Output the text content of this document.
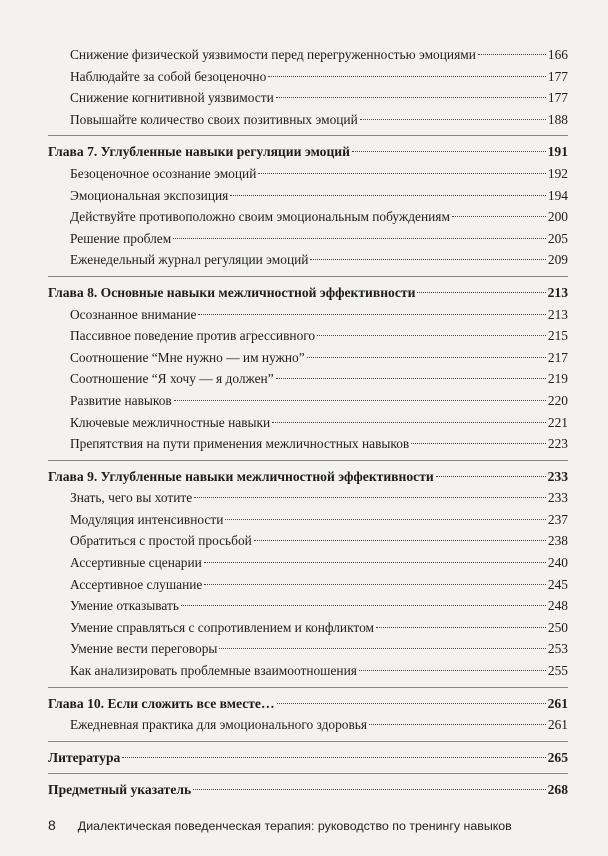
Снижение физической уязвимости перед перегруженностью эмоциями	166
Наблюдайте за собой безоценочно	177
Снижение когнитивной уязвимости	177
Повышайте количество своих позитивных эмоций	188
Глава 7. Углубленные навыки регуляции эмоций	191
Безоценочное осознание эмоций	192
Эмоциональная экспозиция	194
Действуйте противоположно своим эмоциональным побуждениям	200
Решение проблем	205
Еженедельный журнал регуляции эмоций	209
Глава 8. Основные навыки межличностной эффективности	213
Осознанное внимание	213
Пассивное поведение против агрессивного	215
Соотношение “Мне нужно — им нужно”	217
Соотношение “Я хочу — я должен”	219
Развитие навыков	220
Ключевые межличностные навыки	221
Препятствия на пути применения межличностных навыков	223
Глава 9. Углубленные навыки межличностной эффективности	233
Знать, чего вы хотите	233
Модуляция интенсивности	237
Обратиться с простой просьбой	238
Ассертивные сценарии	240
Ассертивное слушание	245
Умение отказывать	248
Умение справляться с сопротивлением и конфликтом	250
Умение вести переговоры	253
Как анализировать проблемные взаимоотношения	255
Глава 10. Если сложить все вместе…	261
Ежедневная практика для эмоционального здоровья	261
Литература	265
Предметный указатель	268
8 Диалектическая поведенческая терапия: руководство по тренингу навыков
